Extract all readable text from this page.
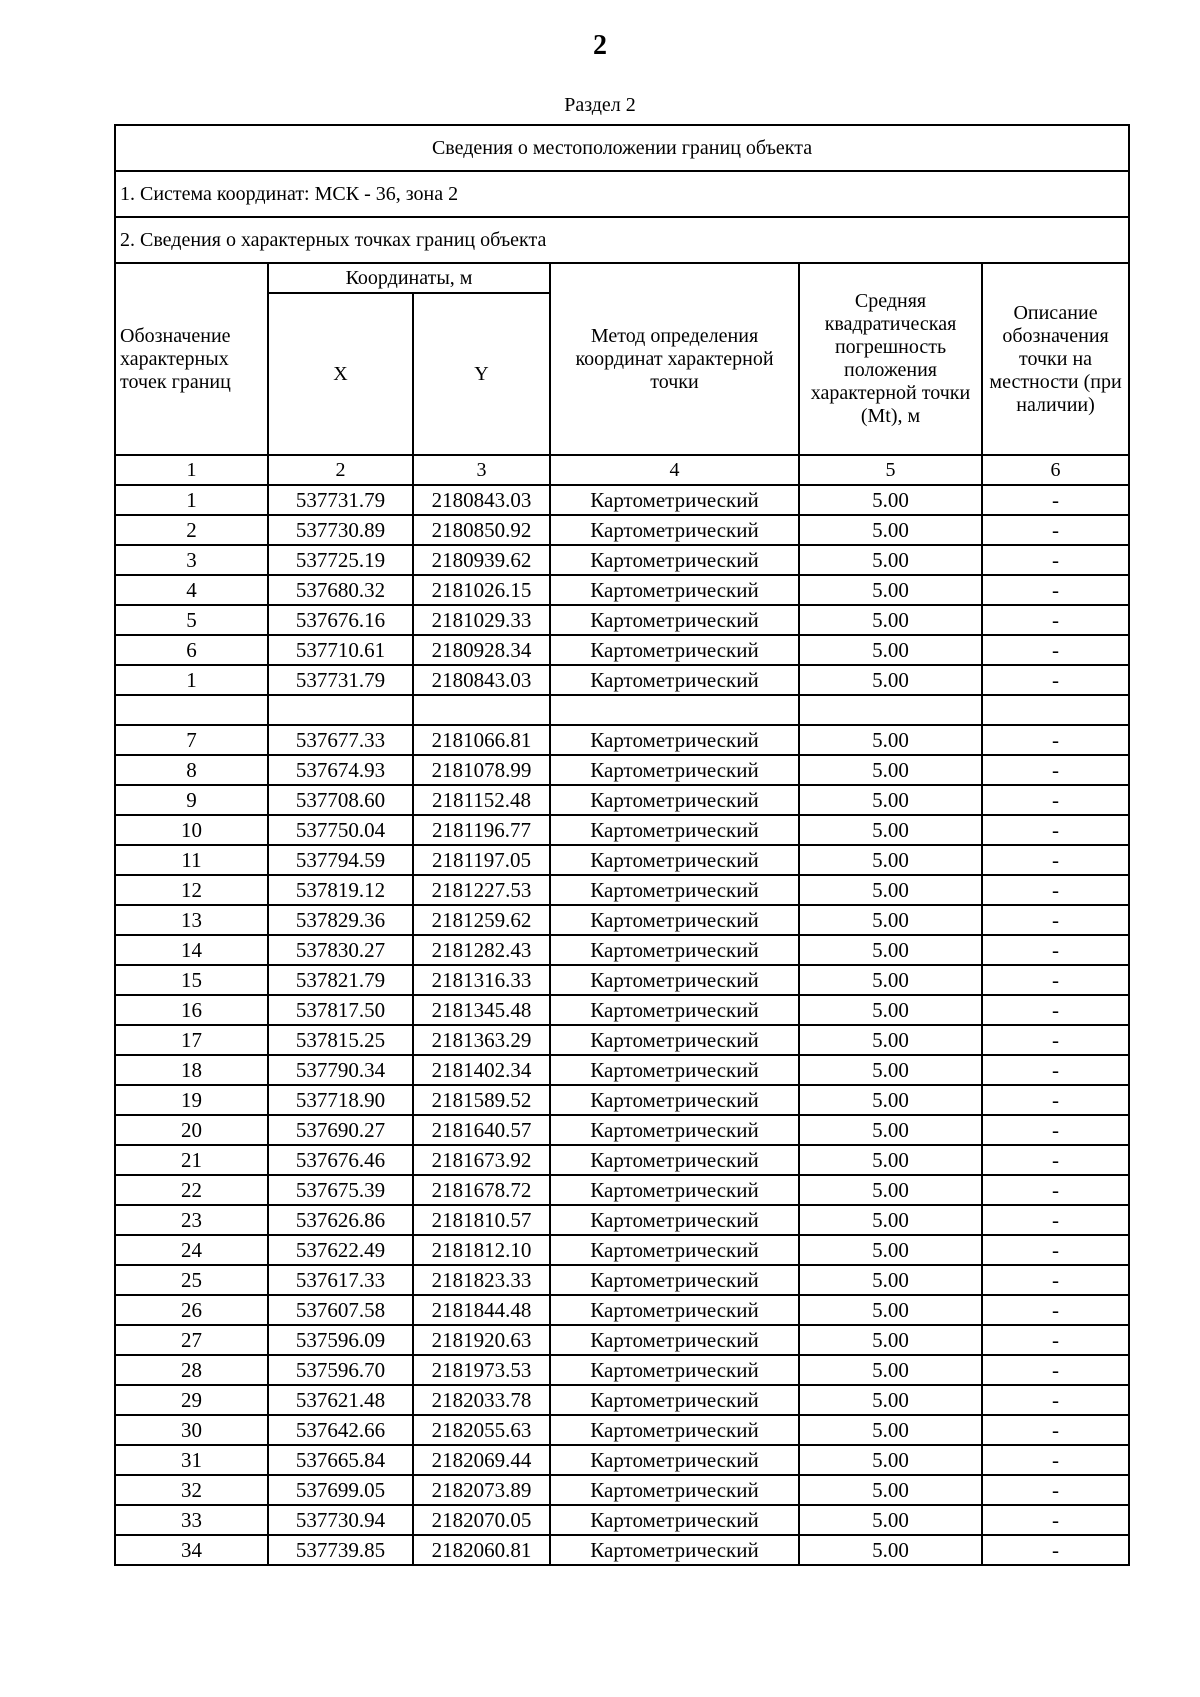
2
Раздел 2
Сведения о местоположении границ объекта					
1. Система координат: МСК - 36, зона 2					
2. Сведения о характерных точках границ объекта					
Обозначение характерных точек границ	Координаты, м		Метод определения координат характерной точки	Средняя квадратическая погрешность положения характерной точки (Mt), м	Описание обозначения точки на местности (при наличии)
	X	Y			
1	2	3	4	5	6
1	537731.79	2180843.03	Картометрический	5.00	-
2	537730.89	2180850.92	Картометрический	5.00	-
3	537725.19	2180939.62	Картометрический	5.00	-
4	537680.32	2181026.15	Картометрический	5.00	-
5	537676.16	2181029.33	Картометрический	5.00	-
6	537710.61	2180928.34	Картометрический	5.00	-
1	537731.79	2180843.03	Картометрический	5.00	-

7	537677.33	2181066.81	Картометрический	5.00	-
8	537674.93	2181078.99	Картометрический	5.00	-
9	537708.60	2181152.48	Картометрический	5.00	-
10	537750.04	2181196.77	Картометрический	5.00	-
11	537794.59	2181197.05	Картометрический	5.00	-
12	537819.12	2181227.53	Картометрический	5.00	-
13	537829.36	2181259.62	Картометрический	5.00	-
14	537830.27	2181282.43	Картометрический	5.00	-
15	537821.79	2181316.33	Картометрический	5.00	-
16	537817.50	2181345.48	Картометрический	5.00	-
17	537815.25	2181363.29	Картометрический	5.00	-
18	537790.34	2181402.34	Картометрический	5.00	-
19	537718.90	2181589.52	Картометрический	5.00	-
20	537690.27	2181640.57	Картометрический	5.00	-
21	537676.46	2181673.92	Картометрический	5.00	-
22	537675.39	2181678.72	Картометрический	5.00	-
23	537626.86	2181810.57	Картометрический	5.00	-
24	537622.49	2181812.10	Картометрический	5.00	-
25	537617.33	2181823.33	Картометрический	5.00	-
26	537607.58	2181844.48	Картометрический	5.00	-
27	537596.09	2181920.63	Картометрический	5.00	-
28	537596.70	2181973.53	Картометрический	5.00	-
29	537621.48	2182033.78	Картометрический	5.00	-
30	537642.66	2182055.63	Картометрический	5.00	-
31	537665.84	2182069.44	Картометрический	5.00	-
32	537699.05	2182073.89	Картометрический	5.00	-
33	537730.94	2182070.05	Картометрический	5.00	-
34	537739.85	2182060.81	Картометрический	5.00	-
